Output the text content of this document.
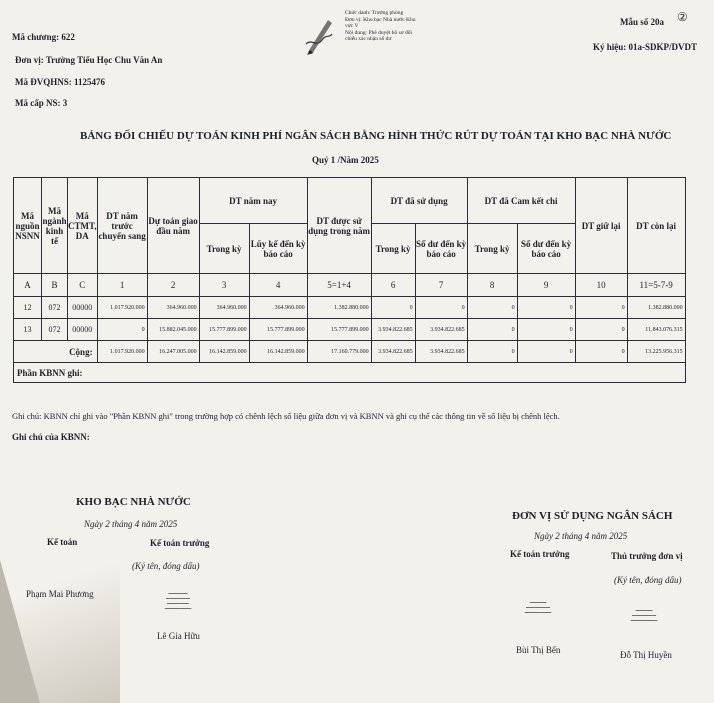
Mã chương: 622
Đơn vị: Trường Tiểu Học Chu Văn An
Mã ĐVQHNS: 1125476
Mã cấp NS: 3
Chức danh: Trưởng phòng
Đơn vị: Kho bạc Nhà nước Khu
vực V
Nội dung: Phê duyệt hồ sơ đối
chiếu xác nhận số dư
Mẫu số 20a ②
Ký hiệu: 01a-SDKP/DVDT
BẢNG ĐỐI CHIẾU DỰ TOÁN KINH PHÍ NGÂN SÁCH BẰNG HÌNH THỨC RÚT DỰ TOÁN TẠI KHO BẠC NHÀ NƯỚC
Quý 1 /Năm 2025
Mã nguồn NSNN	Mã ngành kinh tế	Mã CTMT, DA	DT năm trước chuyển sang	Dự toán giao đầu năm	DT năm nay		DT được sử dụng trong năm	DT đã sử dụng		DT đã Cam kết chi		DT giữ lại	DT còn lại
					Trong kỳ	Lũy kế đến kỳ báo cáo		Trong kỳ	Số dư đến kỳ báo cáo	Trong kỳ	Số dư đến kỳ báo cáo		
A	B	C	1	2	3	4	5=1+4	6	7	8	9	10	11=5-7-9
12	072	00000	1.017.920.000	364.960.000	364.960.000	364.960.000	1.382.880.000	0	0	0	0	0	1.382.880.000
13	072	00000	0	15.882.045.000	15.777.899.000	15.777.899.000	15.777.899.000	3.934.822.685	3.934.822.685	0	0	0	11.843.076.315
Cộng:			1.017.920.000	16.247.005.000	16.142.859.000	16.142.859.000	17.160.779.000	3.934.822.685	3.934.822.685	0	0	0	13.225.956.315
Phần KBNN ghi:													
Ghi chú: KBNN chỉ ghi vào "Phần KBNN ghi" trong trường hợp có chênh lệch số liệu giữa đơn vị và KBNN và ghi cụ thể các thông tin về số liệu bị chênh lệch.
Ghi chú của KBNN:
KHO BẠC NHÀ NƯỚC
Ngày 2 tháng 4 năm 2025
Kế toán	Kế toán trưởng
(Ký tên, đóng dấu)
Phạm Mai Phương	━━━━━━━━
━━━━━━━━━━
━━━━━━━━━
━━━━━━━━━━━
Lê Gia Hữu
ĐƠN VỊ SỬ DỤNG NGÂN SÁCH
Ngày 2 tháng 4 năm 2025
Kế toán trưởng	Thủ trưởng đơn vị
(Ký tên, đóng dấu)
━━━━━━━
━━━━━━━━━━
━━━━━━━━━━━	━━━━━━━
━━━━━━━━━━
━━━━━━━━━━━
Bùi Thị Bến	Đỗ Thị Huyền
